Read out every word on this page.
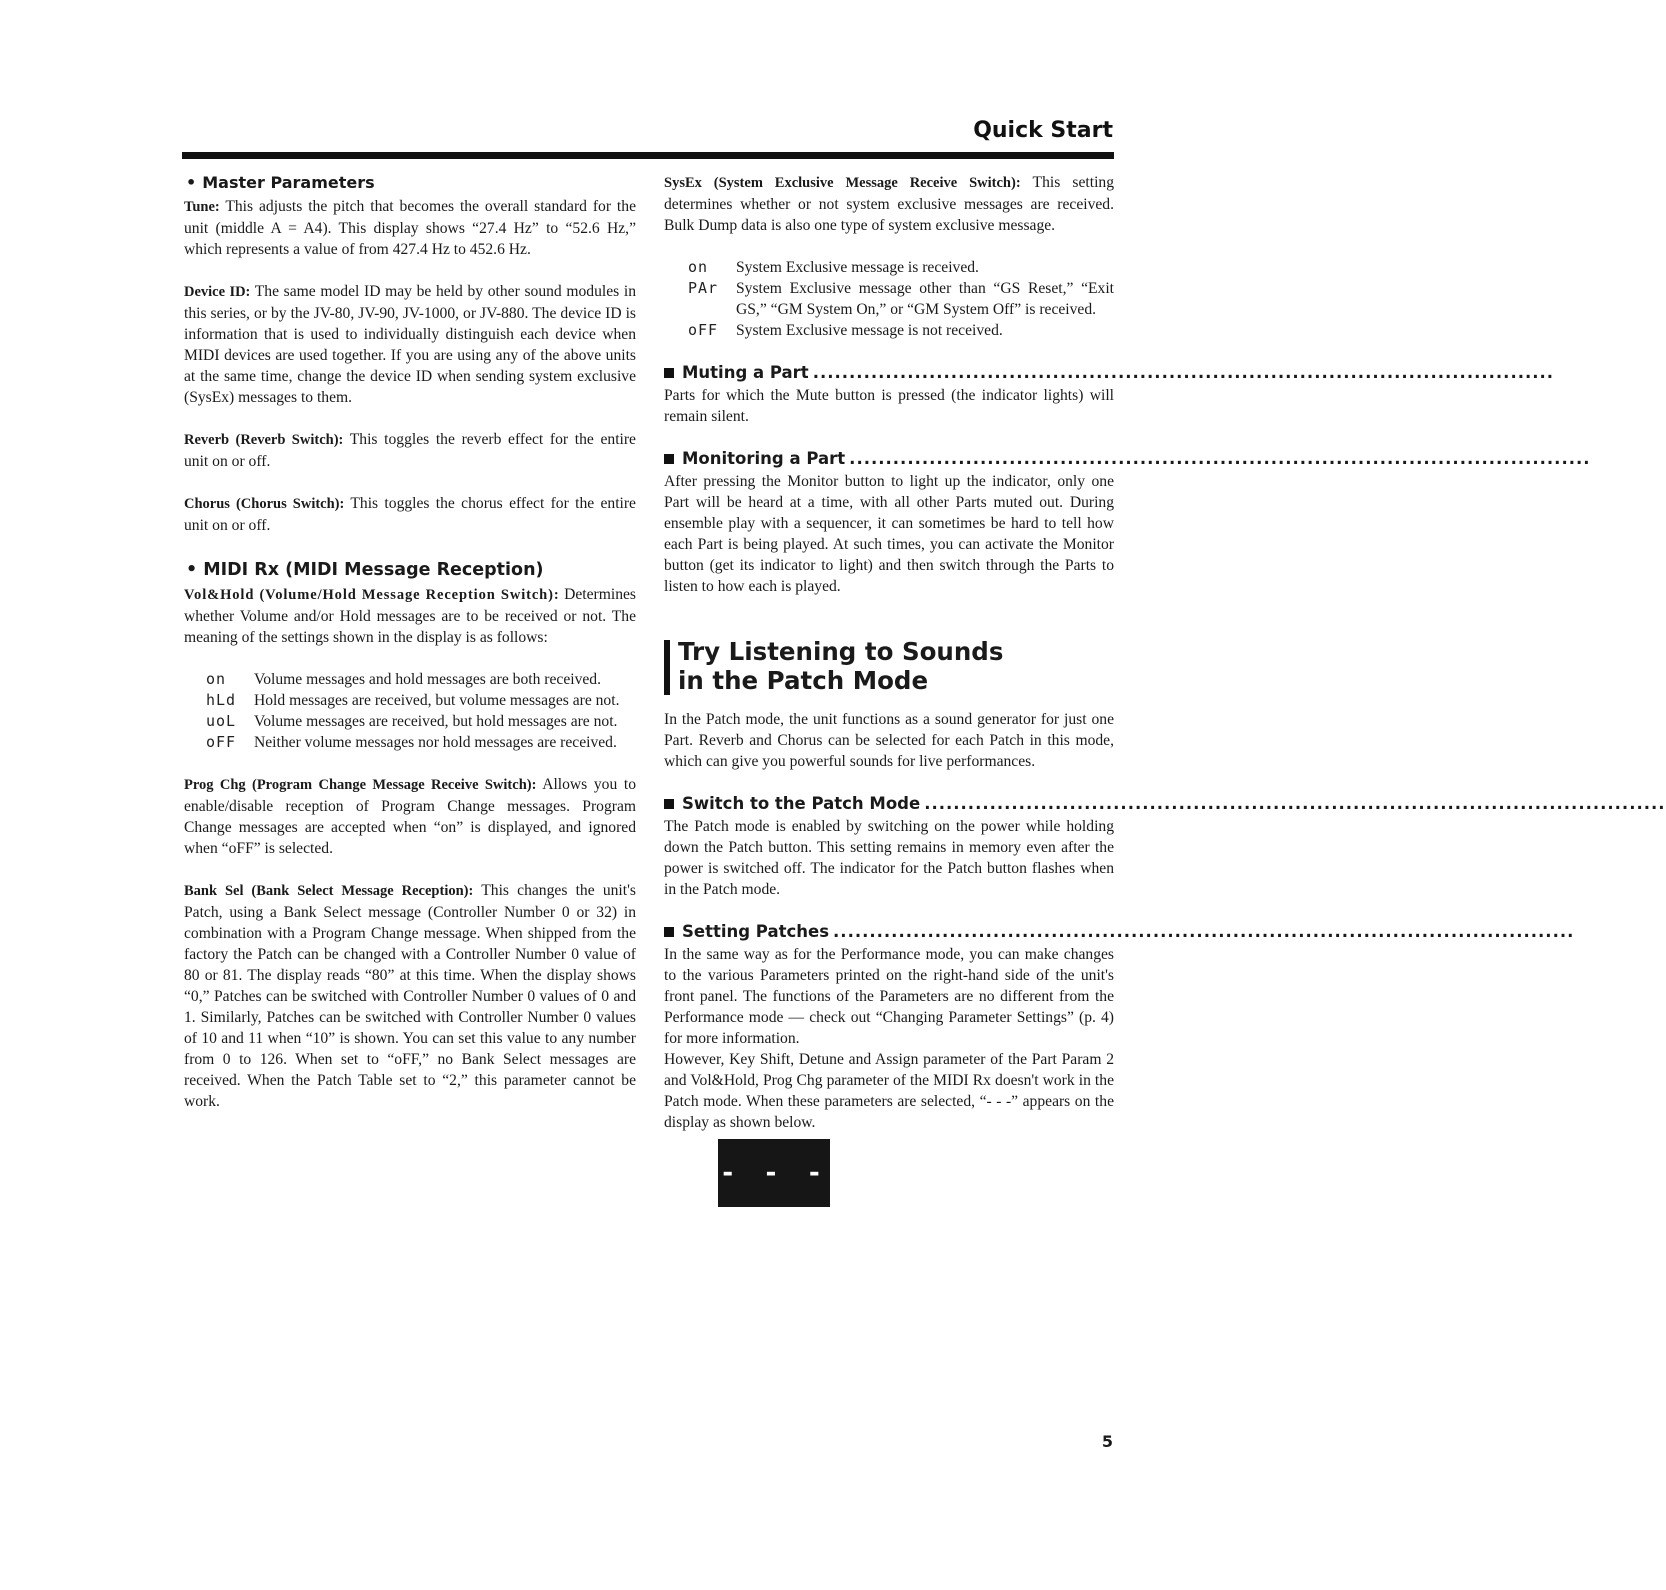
Quick Start
• Master Parameters

Tune: This adjusts the pitch that becomes the overall standard for the unit (middle A = A4). This display shows “27.4 Hz” to “52.6 Hz,” which represents a value of from 427.4 Hz to 452.6 Hz.

Device ID: The same model ID may be held by other sound modules in this series, or by the JV-80, JV-90, JV-1000, or JV-880. The device ID is information that is used to individually distinguish each device when MIDI devices are used together. If you are using any of the above units at the same time, change the device ID when sending system exclusive (SysEx) messages to them.

Reverb (Reverb Switch): This toggles the reverb effect for the entire unit on or off.

Chorus (Chorus Switch): This toggles the chorus effect for the entire unit on or off.

• MIDI Rx (MIDI Message Reception)

Vol&Hold (Volume/Hold Message Reception Switch): Determines whether Volume and/or Hold messages are to be received or not. The meaning of the settings shown in the display is as follows:

on	Volume messages and hold messages are both received.
hLd	Hold messages are received, but volume messages are not.
uoL	Volume messages are received, but hold messages are not.
oFF	Neither volume messages nor hold messages are received.

Prog Chg (Program Change Message Receive Switch): Allows you to enable/disable reception of Program Change messages. Program Change messages are accepted when “on” is displayed, and ignored when “oFF” is selected.

Bank Sel (Bank Select Message Reception): This changes the unit's Patch, using a Bank Select message (Controller Number 0 or 32) in combination with a Program Change message. When shipped from the factory the Patch can be changed with a Controller Number 0 value of 80 or 81. The display reads “80” at this time. When the display shows “0,” Patches can be switched with Controller Number 0 values of 0 and 1. Similarly, Patches can be switched with Controller Number 0 values of 10 and 11 when “10” is shown. You can set this value to any number from 0 to 126. When set to “oFF,” no Bank Select messages are received. When the Patch Table set to “2,” this parameter cannot be work.

SysEx (System Exclusive Message Receive Switch): This setting determines whether or not system exclusive messages are received. Bulk Dump data is also one type of system exclusive message.

on	System Exclusive message is received.
PAr	System Exclusive message other than “GS Reset,” “Exit GS,” “GM System On,” or “GM System Off” is received.
oFF	System Exclusive message is not received.
Muting a Part ......................................................................................................

Parts for which the Mute button is pressed (the indicator lights) will remain silent.

Monitoring a Part ......................................................................................................

After pressing the Monitor button to light up the indicator, only one Part will be heard at a time, with all other Parts muted out. During ensemble play with a sequencer, it can sometimes be hard to tell how each Part is being played. At such times, you can activate the Monitor button (get its indicator to light) and then switch through the Parts to listen to how each is played.

Try Listening to Sounds
in the Patch Mode

In the Patch mode, the unit functions as a sound generator for just one Part. Reverb and Chorus can be selected for each Patch in this mode, which can give you powerful sounds for live performances.

Switch to the Patch Mode ......................................................................................................

The Patch mode is enabled by switching on the power while holding down the Patch button. This setting remains in memory even after the power is switched off. The indicator for the Patch button flashes when in the Patch mode.

Setting Patches ......................................................................................................

In the same way as for the Performance mode, you can make changes to the various Parameters printed on the right-hand side of the unit's front panel. The functions of the Parameters are no different from the Performance mode — check out “Changing Parameter Settings” (p. 4) for more information.

However, Key Shift, Detune and Assign parameter of the Part Param 2 and Vol&Hold, Prog Chg parameter of the MIDI Rx doesn't work in the Patch mode. When these parameters are selected, “- - -” appears on the display as shown below.

- - -
5
